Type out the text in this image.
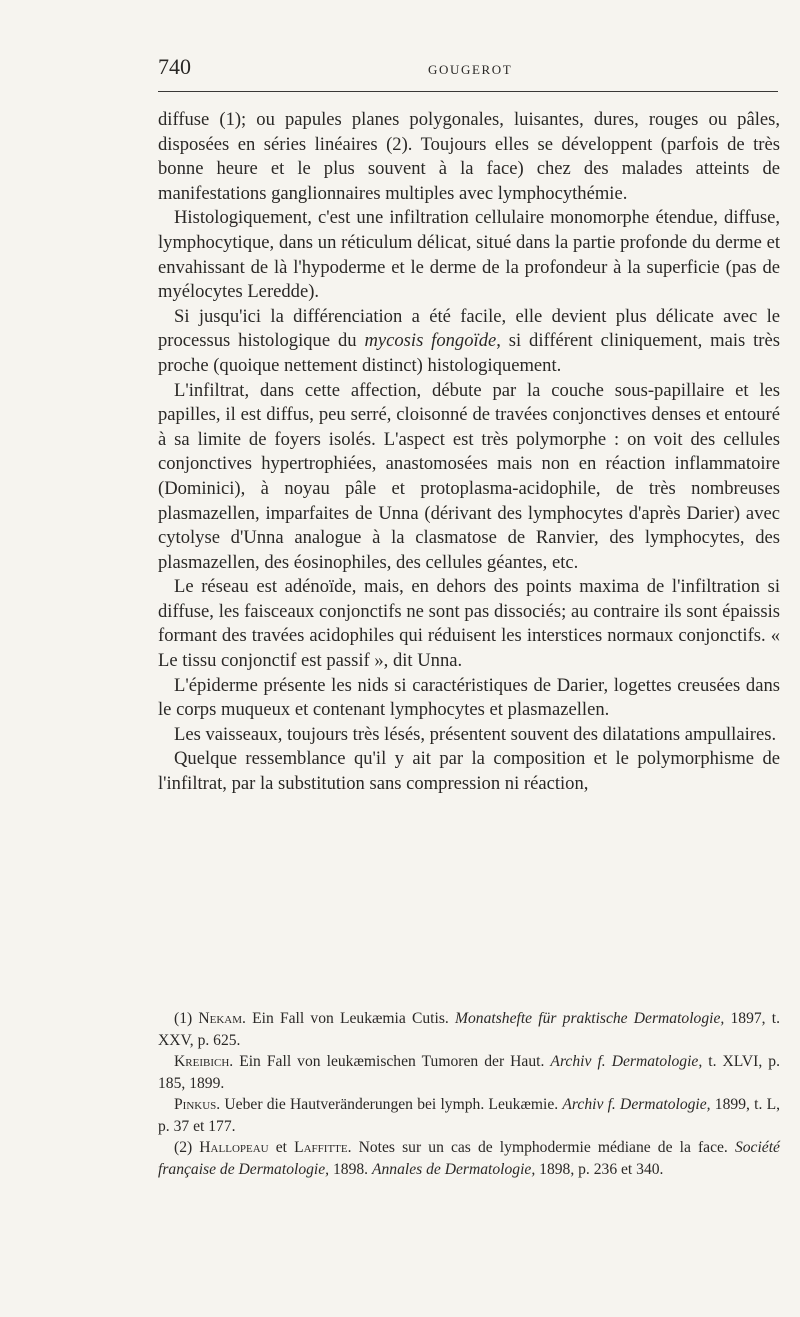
740	GOUGEROT

diffuse (1); ou papules planes polygonales, luisantes, dures, rouges ou pâles, disposées en séries linéaires (2). Toujours elles se développent (parfois de très bonne heure et le plus souvent à la face) chez des malades atteints de manifestations ganglionnaires multiples avec lymphocythémie.

Histologiquement, c'est une infiltration cellulaire monomorphe étendue, diffuse, lymphocytique, dans un réticulum délicat, situé dans la partie profonde du derme et envahissant de là l'hypoderme et le derme de la profondeur à la superficie (pas de myélocytes Leredde).

Si jusqu'ici la différenciation a été facile, elle devient plus délicate avec le processus histologique du mycosis fongoïde, si différent cliniquement, mais très proche (quoique nettement distinct) histologiquement.

L'infiltrat, dans cette affection, débute par la couche sous-papillaire et les papilles, il est diffus, peu serré, cloisonné de travées conjonctives denses et entouré à sa limite de foyers isolés. L'aspect est très polymorphe : on voit des cellules conjonctives hypertrophiées, anastomosées mais non en réaction inflammatoire (Dominici), à noyau pâle et protoplasma-acidophile, de très nombreuses plasmazellen, imparfaites de Unna (dérivant des lymphocytes d'après Darier) avec cytolyse d'Unna analogue à la clasmatose de Ranvier, des lymphocytes, des plasmazellen, des éosinophiles, des cellules géantes, etc.

Le réseau est adénoïde, mais, en dehors des points maxima de l'infiltration si diffuse, les faisceaux conjonctifs ne sont pas dissociés; au contraire ils sont épaissis formant des travées acidophiles qui réduisent les interstices normaux conjonctifs. « Le tissu conjonctif est passif », dit Unna.

L'épiderme présente les nids si caractéristiques de Darier, logettes creusées dans le corps muqueux et contenant lymphocytes et plasmazellen.

Les vaisseaux, toujours très lésés, présentent souvent des dilatations ampullaires.

Quelque ressemblance qu'il y ait par la composition et le polymorphisme de l'infiltrat, par la substitution sans compression ni réaction,

(1) Nekam. Ein Fall von Leukæmia Cutis. Monatshefte für praktische Dermatologie, 1897, t. XXV, p. 625.

Kreibich. Ein Fall von leukæmischen Tumoren der Haut. Archiv f. Dermatologie, t. XLVI, p. 185, 1899.

Pinkus. Ueber die Hautveränderungen bei lymph. Leukæmie. Archiv f. Dermatologie, 1899, t. L, p. 37 et 177.

(2) Hallopeau et Laffitte. Notes sur un cas de lymphodermie médiane de la face. Société française de Dermatologie, 1898. Annales de Dermatologie, 1898, p. 236 et 340.
